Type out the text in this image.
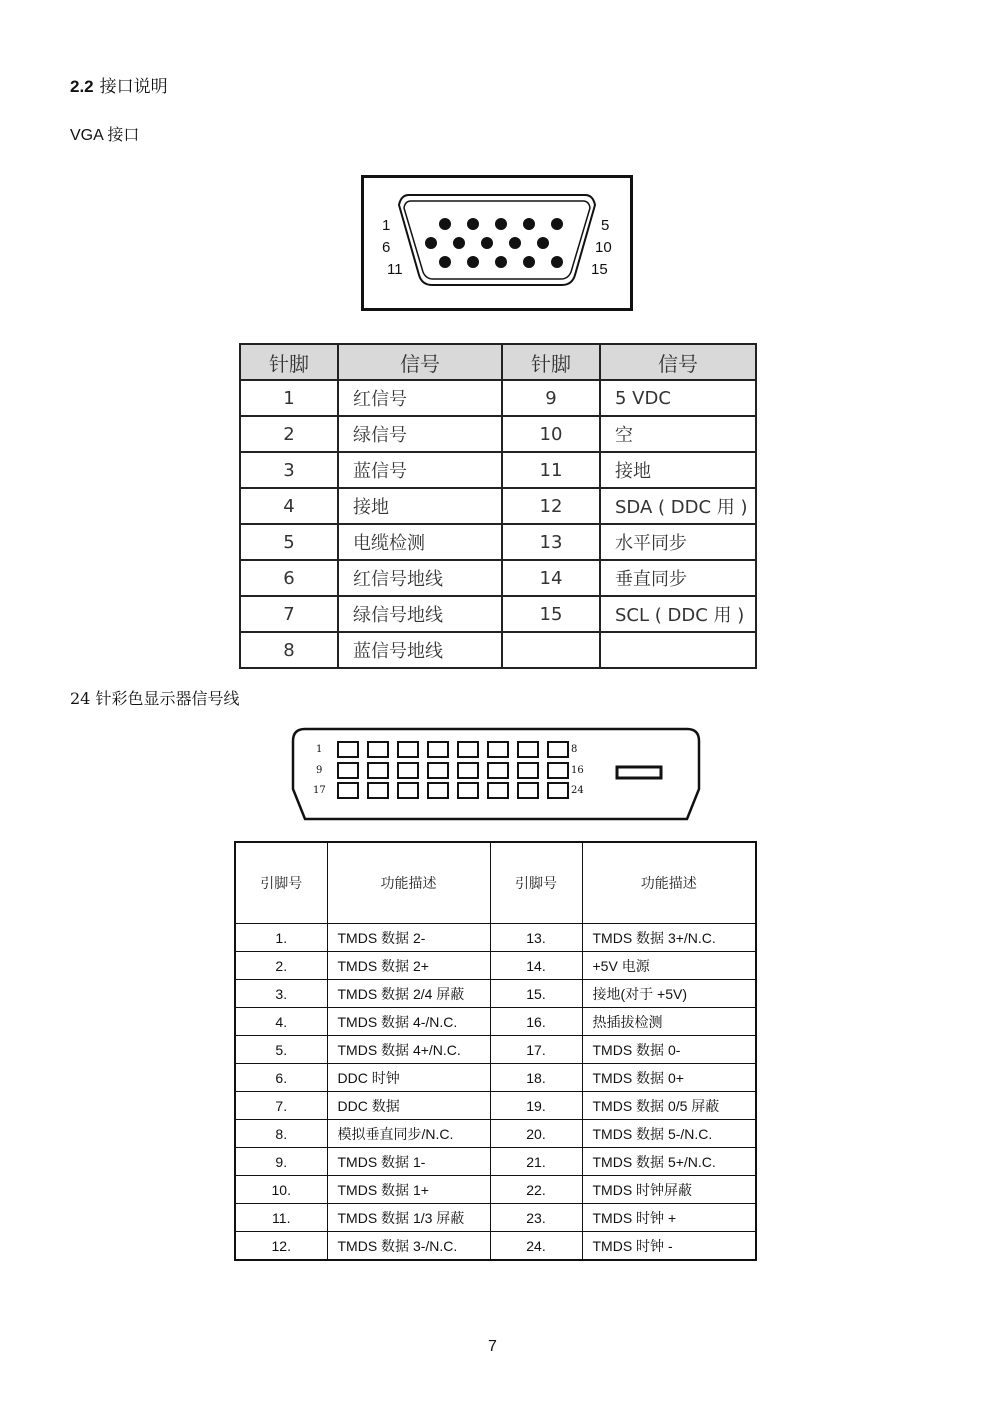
2.2 接口说明
VGA 接口
1
6
11
5
10
15
针脚	信号	针脚	信号
1	红信号	9	5 VDC
2	绿信号	10	空
3	蓝信号	11	接地
4	接地	12	SDA ( DDC 用 )
5	电缆检测	13	水平同步
6	红信号地线	14	垂直同步
7	绿信号地线	15	SCL ( DDC 用 )
8	蓝信号地线		
24 针彩色显示器信号线
1
9
17
8
16
24
引脚号	功能描述	引脚号	功能描述
1.	TMDS 数据 2-	13.	TMDS 数据 3+/N.C.
2.	TMDS 数据 2+	14.	+5V 电源
3.	TMDS 数据 2/4 屏蔽	15.	接地(对于 +5V)
4.	TMDS 数据 4-/N.C.	16.	热插拔检测
5.	TMDS 数据 4+/N.C.	17.	TMDS 数据 0-
6.	DDC 时钟	18.	TMDS 数据 0+
7.	DDC 数据	19.	TMDS 数据 0/5 屏蔽
8.	模拟垂直同步/N.C.	20.	TMDS 数据 5-/N.C.
9.	TMDS 数据 1-	21.	TMDS 数据 5+/N.C.
10.	TMDS 数据 1+	22.	TMDS 时钟屏蔽
11.	TMDS 数据 1/3 屏蔽	23.	TMDS 时钟 +
12.	TMDS 数据 3-/N.C.	24.	TMDS 时钟 -
7
